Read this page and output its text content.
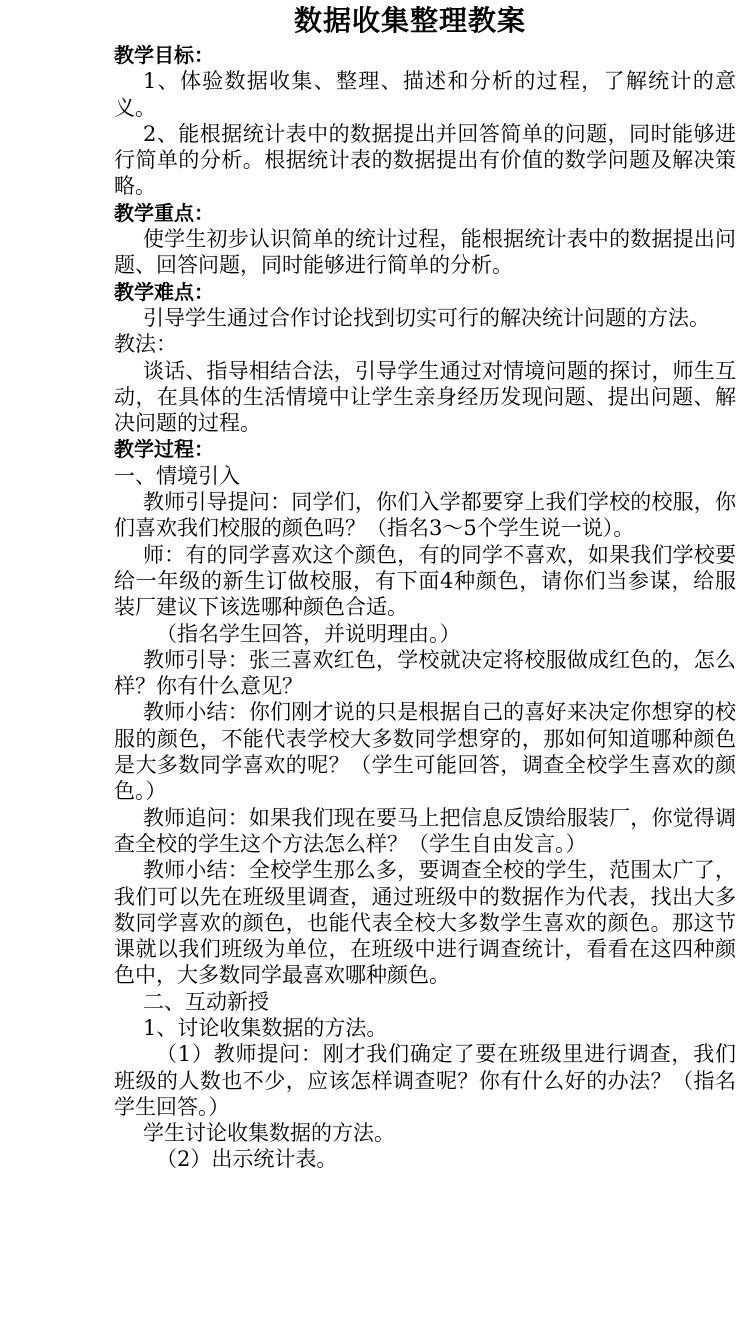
数据收集整理教案

教学目标：

1、体验数据收集、整理、描述和分析的过程，了解统计的意义。

2、能根据统计表中的数据提出并回答简单的问题，同时能够进行简单的分析。根据统计表的数据提出有价值的数学问题及解决策略。

教学重点：

使学生初步认识简单的统计过程，能根据统计表中的数据提出问题、回答问题，同时能够进行简单的分析。

教学难点：

引导学生通过合作讨论找到切实可行的解决统计问题的方法。

教法：

谈话、指导相结合法，引导学生通过对情境问题的探讨，师生互动，在具体的生活情境中让学生亲身经历发现问题、提出问题、解决问题的过程。

教学过程：

一、情境引入

教师引导提问：同学们，你们入学都要穿上我们学校的校服，你们喜欢我们校服的颜色吗？（指名3～5个学生说一说）。

师：有的同学喜欢这个颜色，有的同学不喜欢，如果我们学校要给一年级的新生订做校服，有下面4种颜色，请你们当参谋，给服装厂建议下该选哪种颜色合适。

（指名学生回答，并说明理由。）

教师引导：张三喜欢红色，学校就决定将校服做成红色的，怎么样？你有什么意见？

教师小结：你们刚才说的只是根据自己的喜好来决定你想穿的校服的颜色，不能代表学校大多数同学想穿的，那如何知道哪种颜色是大多数同学喜欢的呢？（学生可能回答，调查全校学生喜欢的颜色。）

教师追问：如果我们现在要马上把信息反馈给服装厂，你觉得调查全校的学生这个方法怎么样？（学生自由发言。）

教师小结：全校学生那么多，要调查全校的学生，范围太广了，我们可以先在班级里调查，通过班级中的数据作为代表，找出大多数同学喜欢的颜色，也能代表全校大多数学生喜欢的颜色。那这节课就以我们班级为单位，在班级中进行调查统计，看看在这四种颜色中，大多数同学最喜欢哪种颜色。

二、互动新授

1、讨论收集数据的方法。

（1）教师提问：刚才我们确定了要在班级里进行调查，我们班级的人数也不少，应该怎样调查呢？你有什么好的办法？（指名学生回答。）

学生讨论收集数据的方法。

（2）出示统计表。
